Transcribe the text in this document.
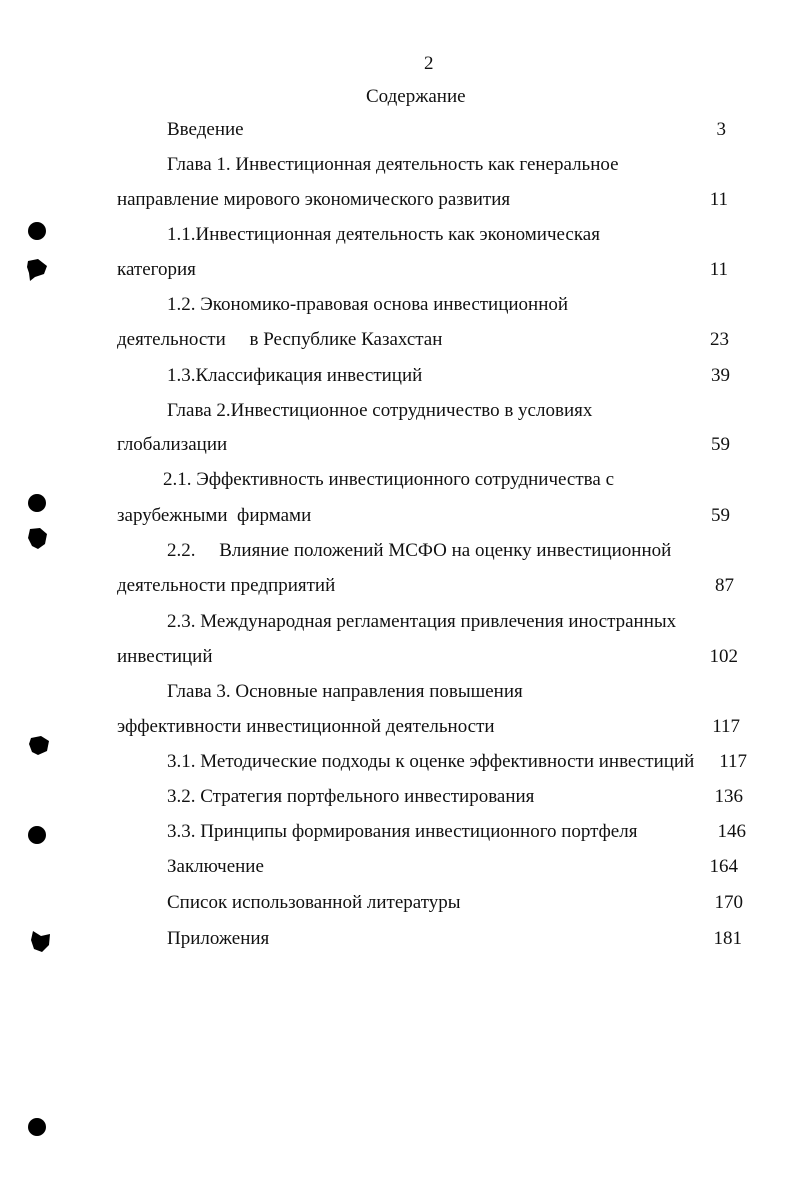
2
Содержание
Введение	3
Глава 1. Инвестиционная деятельность как генеральное
направление мирового экономического развития	11
1.1.Инвестиционная деятельность как экономическая
категория	11
1.2. Экономико-правовая основа инвестиционной
деятельности     в Республике Казахстан	23
1.3.Классификация инвестиций	39
Глава 2.Инвестиционное сотрудничество в условиях
глобализации	59
2.1. Эффективность инвестиционного сотрудничества с
зарубежными  фирмами	59
2.2.     Влияние положений МСФО на оценку инвестиционной
деятельности предприятий	87
2.3. Международная регламентация привлечения иностранных
инвестиций	102
Глава 3. Основные направления повышения
эффективности инвестиционной деятельности	117
3.1. Методические подходы к оценке эффективности инвестиций	117
3.2. Стратегия портфельного инвестирования	136
3.3. Принципы формирования инвестиционного портфеля	146
Заключение	164
Список использованной литературы	170
Приложения	181
